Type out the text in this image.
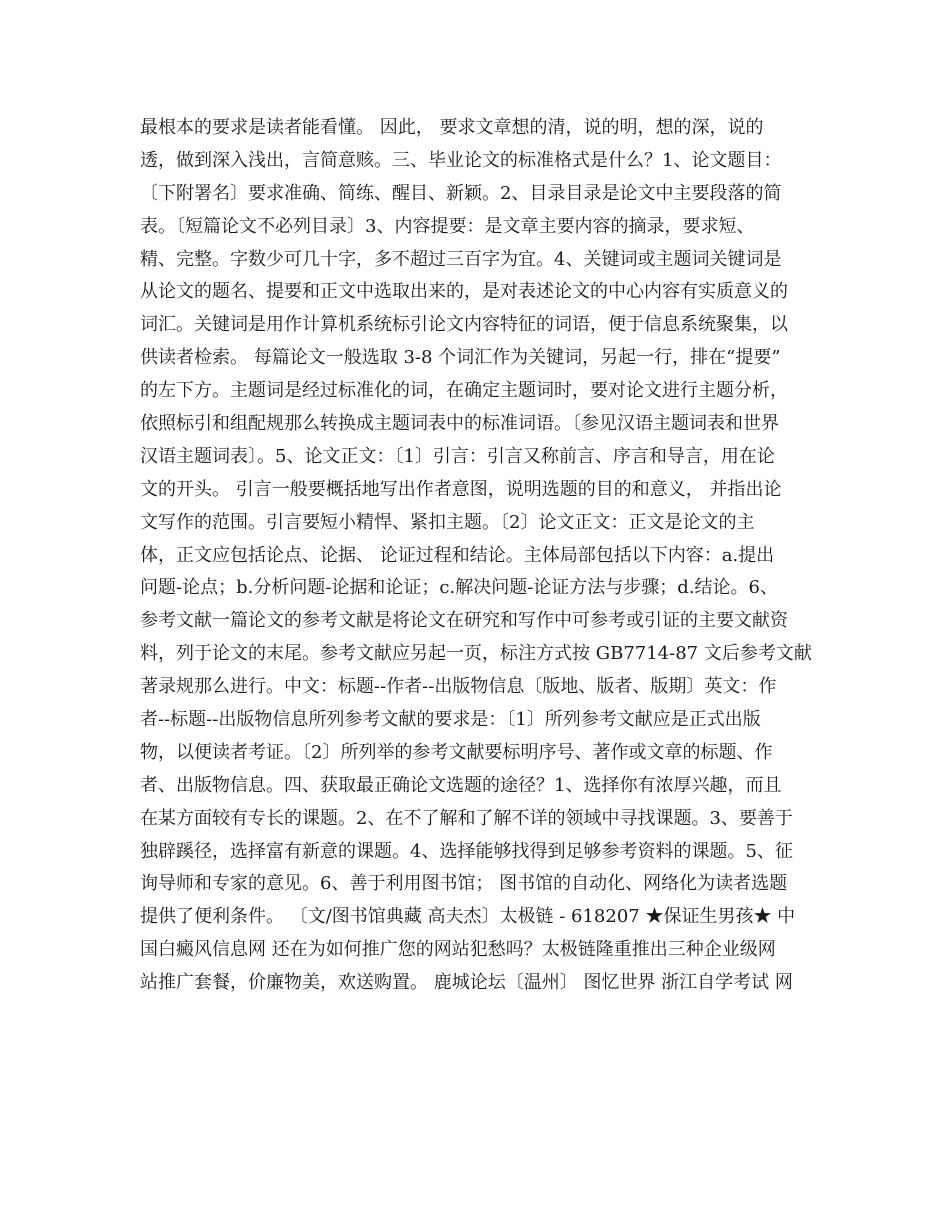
最根本的要求是读者能看懂。 因此， 要求文章想的清，说的明，想的深，说的
透，做到深入浅出，言简意赅。三、毕业论文的标准格式是什么？1、论文题目：
〔下附署名〕要求准确、简练、醒目、新颖。2、目录目录是论文中主要段落的简
表。〔短篇论文不必列目录〕3、内容提要：是文章主要内容的摘录，要求短、
精、完整。字数少可几十字，多不超过三百字为宜。4、关键词或主题词关键词是
从论文的题名、提要和正文中选取出来的，是对表述论文的中心内容有实质意义的
词汇。关键词是用作计算机系统标引论文内容特征的词语，便于信息系统聚集，以
供读者检索。 每篇论文一般选取 3-8 个词汇作为关键词，另起一行，排在“提要”
的左下方。主题词是经过标准化的词，在确定主题词时，要对论文进行主题分析，
依照标引和组配规那么转换成主题词表中的标准词语。〔参见汉语主题词表和世界
汉语主题词表〕。5、论文正文：〔1〕引言：引言又称前言、序言和导言，用在论
文的开头。 引言一般要概括地写出作者意图，说明选题的目的和意义， 并指出论
文写作的范围。引言要短小精悍、紧扣主题。〔2〕论文正文：正文是论文的主
体，正文应包括论点、论据、 论证过程和结论。主体局部包括以下内容：a.提出
问题-论点；b.分析问题-论据和论证；c.解决问题-论证方法与步骤；d.结论。6、
参考文献一篇论文的参考文献是将论文在研究和写作中可参考或引证的主要文献资
料，列于论文的末尾。参考文献应另起一页，标注方式按 GB7714-87 文后参考文献
著录规那么进行。中文：标题--作者--出版物信息〔版地、版者、版期〕英文：作
者--标题--出版物信息所列参考文献的要求是：〔1〕所列参考文献应是正式出版
物，以便读者考证。〔2〕所列举的参考文献要标明序号、著作或文章的标题、作
者、出版物信息。四、获取最正确论文选题的途径？1、选择你有浓厚兴趣，而且
在某方面较有专长的课题。2、在不了解和了解不详的领域中寻找课题。3、要善于
独辟蹊径，选择富有新意的课题。4、选择能够找得到足够参考资料的课题。5、征
询导师和专家的意见。6、善于利用图书馆； 图书馆的自动化、网络化为读者选题
提供了便利条件。 〔文/图书馆典藏 高夫杰〕太极链 - 618207 ★保证生男孩★ 中
国白癜风信息网 还在为如何推广您的网站犯愁吗？太极链隆重推出三种企业级网
站推广套餐，价廉物美，欢送购置。 鹿城论坛〔温州〕 图忆世界 浙江自学考试 网
